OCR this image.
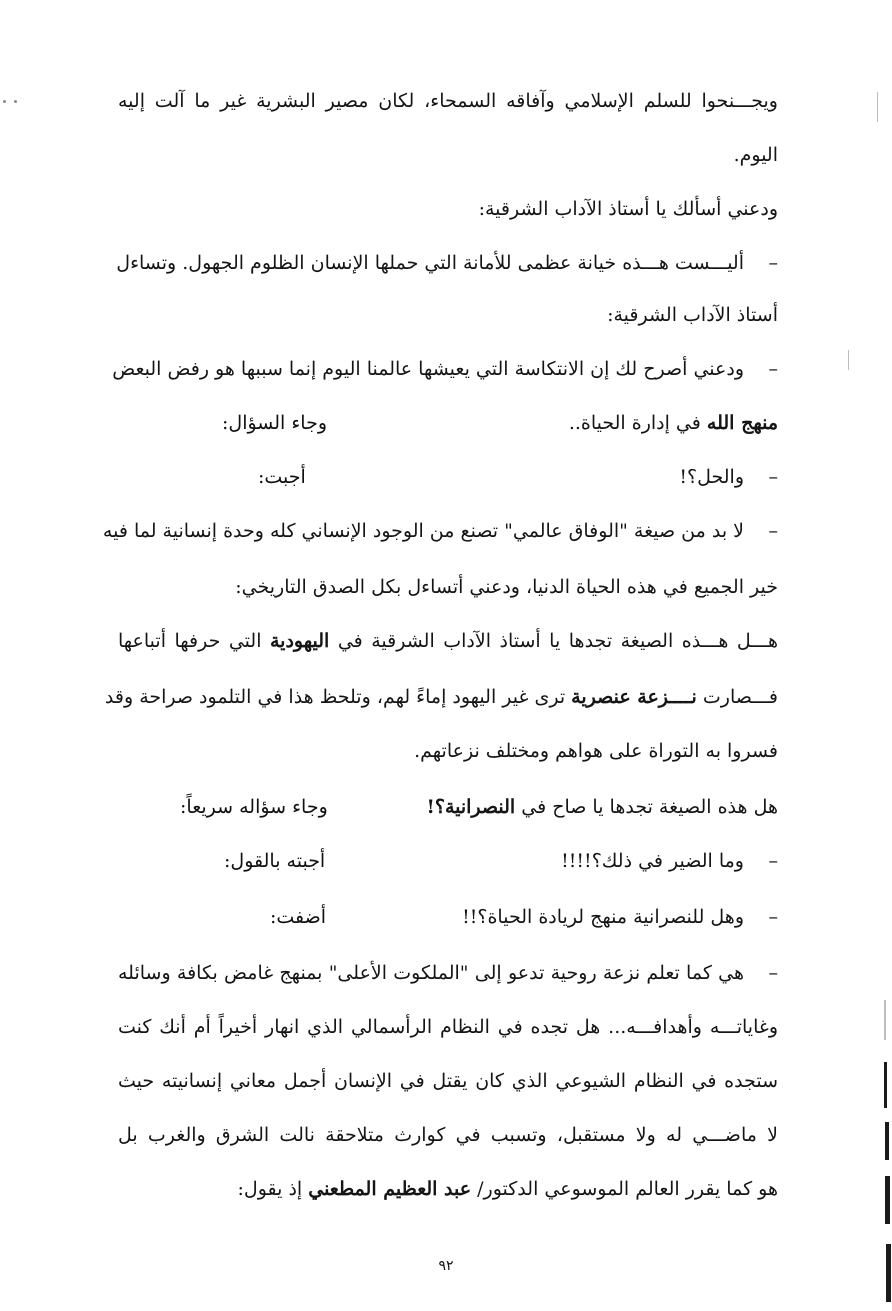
ويجـــنحوا للسلم الإسلامي وآفاقه السمحاء، لكان مصير البشرية غير ما آلت إليه
اليوم.
ودعني أسألك يا أستاذ الآداب الشرقية:
–
أليـــست هـــذه خيانة عظمى للأمانة التي حملها الإنسان الظلوم الجهول. وتساءل
أستاذ الآداب الشرقية:
–
ودعني أصرح لك إن الانتكاسة التي يعيشها عالمنا اليوم إنما سببها هو رفض البعض
منهج الله في إدارة الحياة..
وجاء السؤال:
–
والحل؟!
أجبت:
–
لا بد من صيغة "الوفاق عالمي" تصنع من الوجود الإنساني كله وحدة إنسانية لما فيه
خير الجميع في هذه الحياة الدنيا، ودعني أتساءل بكل الصدق التاريخي:
هـــل هـــذه الصيغة تجدها يا أستاذ الآداب الشرقية في اليهودية التي حرفها أتباعها
فـــصارت نــــزعة عنصرية ترى غير اليهود إماءً لهم، وتلحظ هذا في التلمود صراحة وقد
فسروا به التوراة على هواهم ومختلف نزعاتهم.
هل هذه الصيغة تجدها يا صاح في النصرانية؟!
وجاء سؤاله سريعاً:
–
وما الضير في ذلك؟!!!!
أجبته بالقول:
–
وهل للنصرانية منهج لريادة الحياة؟!!
أضفت:
–
هي كما تعلم نزعة روحية تدعو إلى "الملكوت الأعلى" بمنهج غامض بكافة وسائله
وغاياتـــه وأهدافـــه... هل تجده في النظام الرأسمالي الذي انهار أخيراً أم أنك كنت
ستجده في النظام الشيوعي الذي كان يقتل في الإنسان أجمل معاني إنسانيته حيث
لا ماضـــي له ولا مستقبل، وتسبب في كوارث متلاحقة نالت الشرق والغرب بل
هو كما يقرر العالم الموسوعي الدكتور/ عبد العظيم المطعني إذ يقول:
٩٢
